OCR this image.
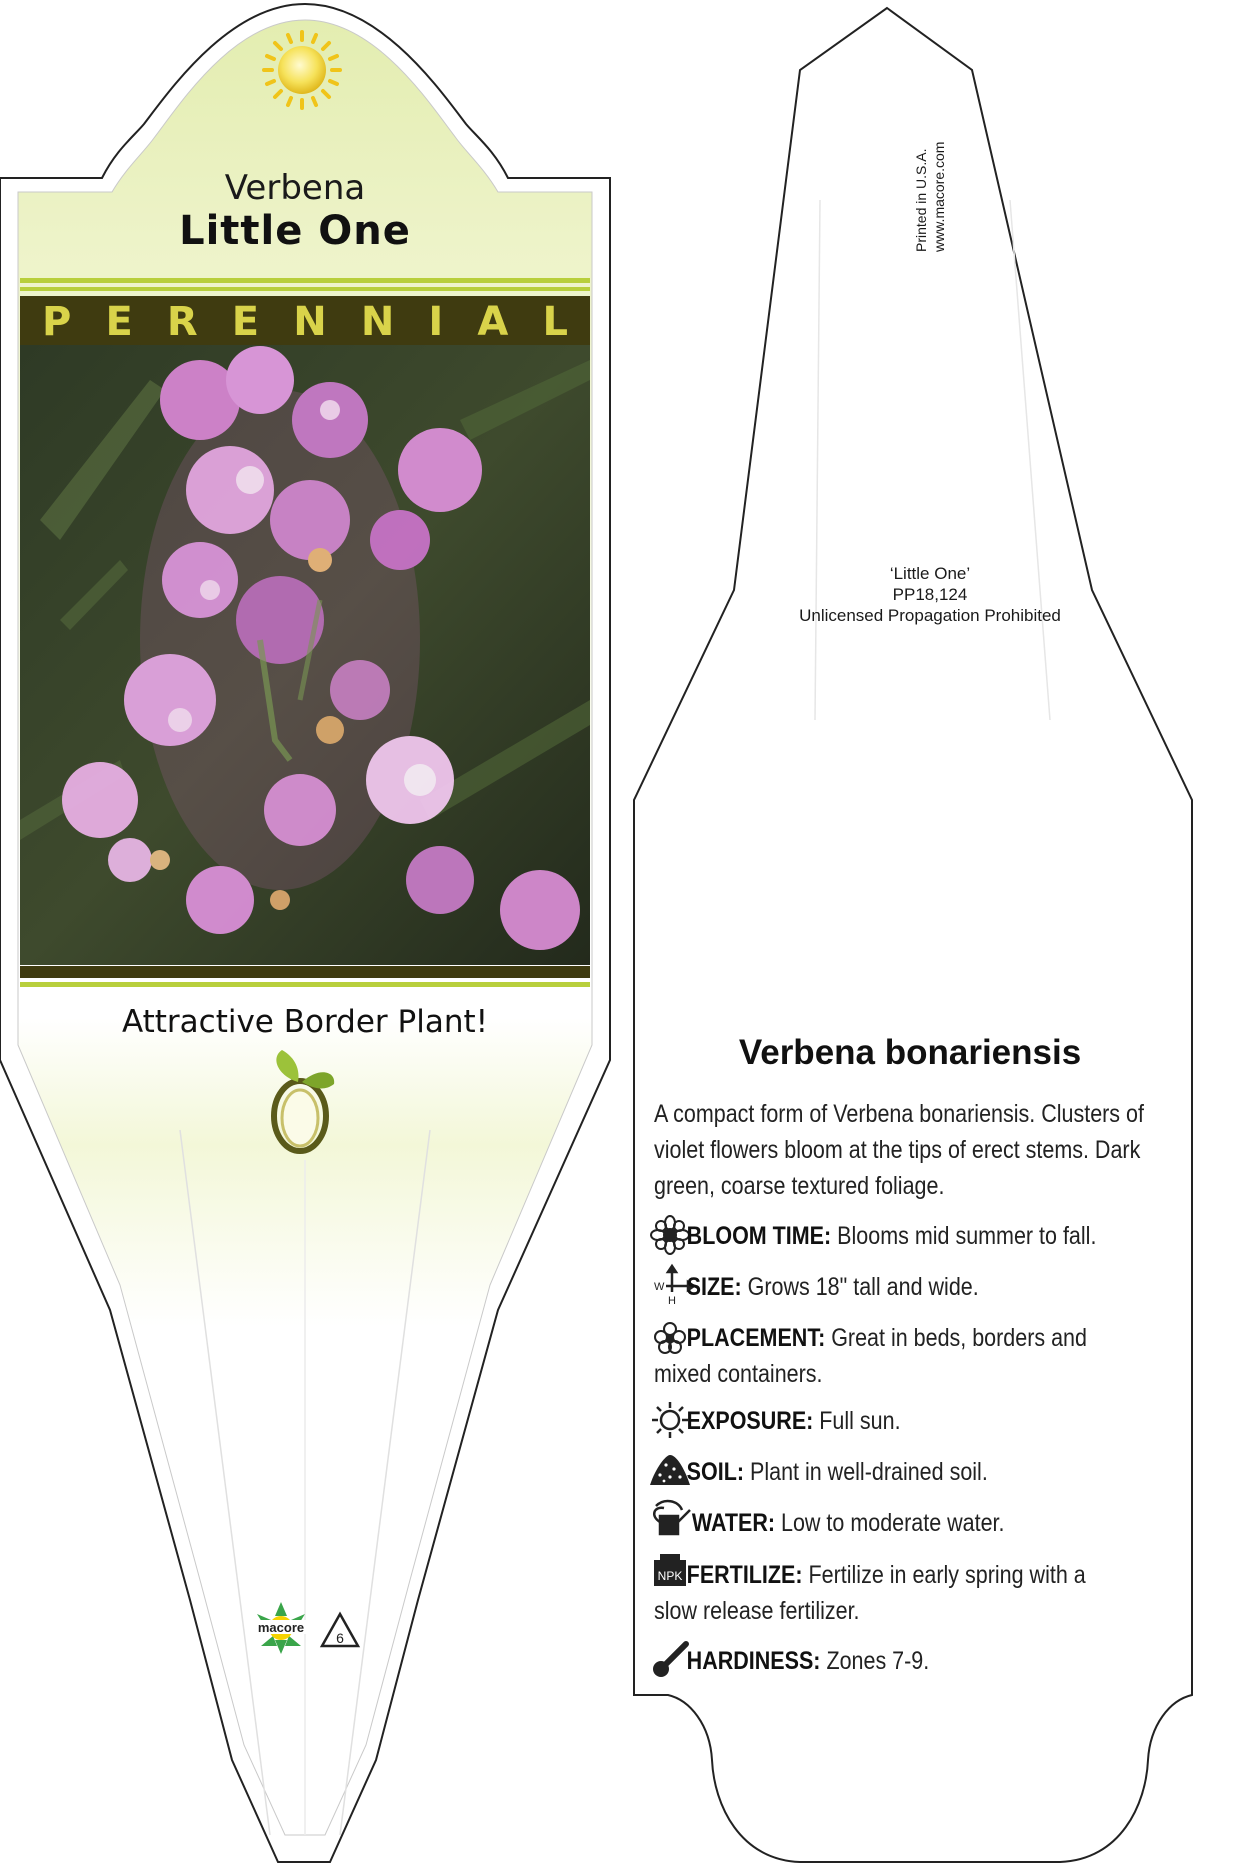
macore
6
W
H
NPK
Verbena
Little One
P E R E N N I A L
Attractive Border Plant!
Printed in U.S.A. www.macore.com
‘Little One’
PP18,124
Unlicensed Propagation Prohibited
Verbena bonariensis
A compact form of Verbena bonariensis. Clusters of violet flowers bloom at the tips of erect stems. Dark green, coarse textured foliage.
BLOOM TIME: Blooms mid summer to fall.
SIZE: Grows 18" tall and wide.
PLACEMENT: Great in beds, borders and mixed containers.
EXPOSURE: Full sun.
SOIL: Plant in well-drained soil.
WATER: Low to moderate water.
FERTILIZE: Fertilize in early spring with a slow release fertilizer.
HARDINESS: Zones 7-9.
